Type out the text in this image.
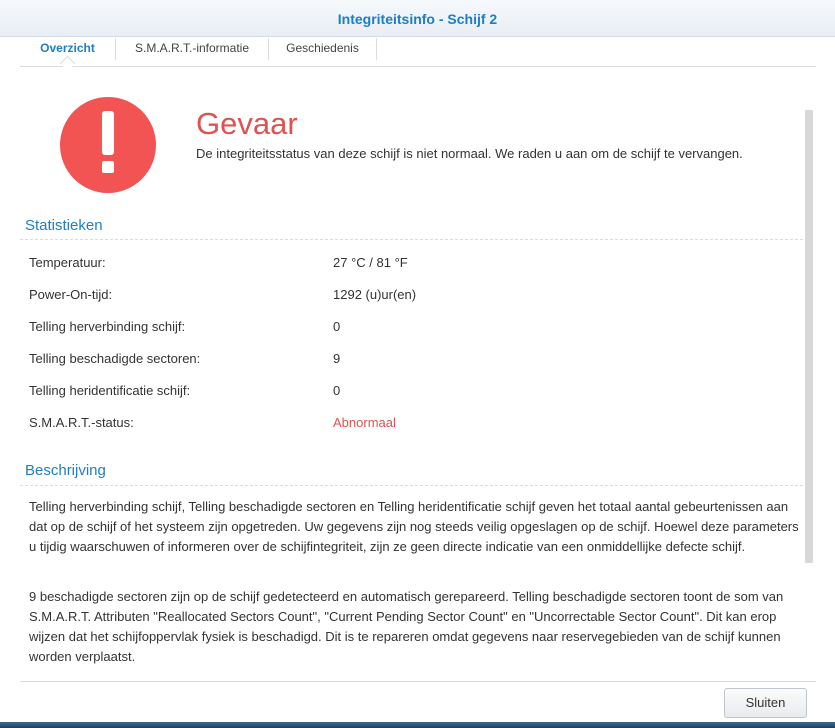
Integriteitsinfo - Schijf 2
Overzicht	S.M.A.R.T.-informatie	Geschiedenis
Gevaar
De integriteitsstatus van deze schijf is niet normaal. We raden u aan om de schijf te vervangen.
Statistieken
Temperatuur:	27 °C / 81 °F
Power-On-tijd:	1292 (u)ur(en)
Telling herverbinding schijf:	0
Telling beschadigde sectoren:	9
Telling heridentificatie schijf:	0
S.M.A.R.T.-status:	Abnormaal
Beschrijving

Telling herverbinding schijf, Telling beschadigde sectoren en Telling heridentificatie schijf geven het totaal aantal gebeurtenissen aan dat op de schijf of het systeem zijn opgetreden. Uw gegevens zijn nog steeds veilig opgeslagen op de schijf. Hoewel deze parameters u tijdig waarschuwen of informeren over de schijfintegriteit, zijn ze geen directe indicatie van een onmiddellijke defecte schijf.

9 beschadigde sectoren zijn op de schijf gedetecteerd en automatisch gerepareerd. Telling beschadigde sectoren toont de som van S.M.A.R.T. Attributen "Reallocated Sectors Count", "Current Pending Sector Count" en "Uncorrectable Sector Count". Dit kan erop wijzen dat het schijfoppervlak fysiek is beschadigd. Dit is te repareren omdat gegevens naar reservegebieden van de schijf kunnen worden verplaatst.

Sluiten
